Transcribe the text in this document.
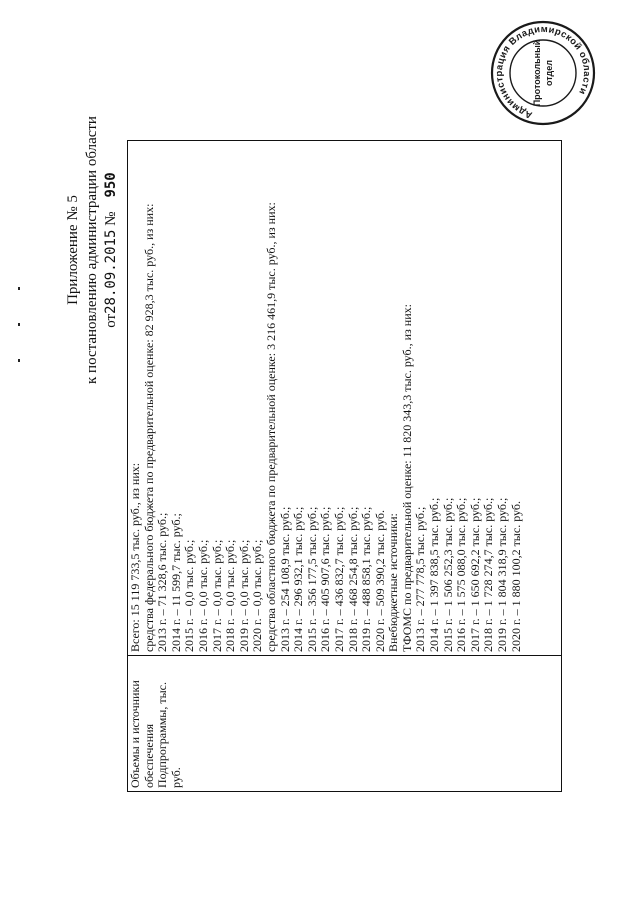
Приложение № 5 к постановлению администрации области от28.09.2015 №950
Объемы и источники обеспечения Подпрограммы, тыс. руб.
Всего: 15 119 733,5 тыс. руб., из них: средства федерального бюджета по предварительной оценке: 82 928,3 тыс. руб., из них: 2013 г. – 71 328,6 тыс. руб.; 2014 г. – 11 599,7 тыс. руб.; 2015 г. – 0,0 тыс. руб.; 2016 г. – 0,0 тыс. руб.; 2017 г. – 0,0 тыс. руб.; 2018 г. – 0,0 тыс. руб.; 2019 г. – 0,0 тыс. руб.; 2020 г. – 0,0 тыс. руб.; средства областного бюджета по предварительной оценке: 3 216 461,9 тыс. руб., из них: 2013 г. – 254 108,9 тыс. руб.; 2014 г. – 296 932,1 тыс. руб.; 2015 г. – 356 177,5 тыс. руб.; 2016 г. – 405 907,6 тыс. руб.; 2017 г. – 436 832,7 тыс. руб.; 2018 г. – 468 254,8 тыс. руб.; 2019 г. – 488 858,1 тыс. руб.; 2020 г. – 509 390,2 тыс. руб. Внебюджетные источники: ТФОМС по предварительной оценке: 11 820 343,3 тыс. руб., из них: 2013 г. – 277 778,5 тыс. руб.; 2014 г. – 1 397 838,5 тыс. руб.; 2015 г. – 1 506 252,3 тыс. руб.; 2016 г. – 1 575 088,0 тыс. руб.; 2017 г. – 1 650 692,2 тыс. руб.; 2018 г. – 1 728 274,7 тыс. руб.; 2019 г. – 1 804 318,9 тыс. руб.; 2020 г. – 1 880 100,2 тыс. руб.
Администрация Владимирской области
Протокольный отдел
